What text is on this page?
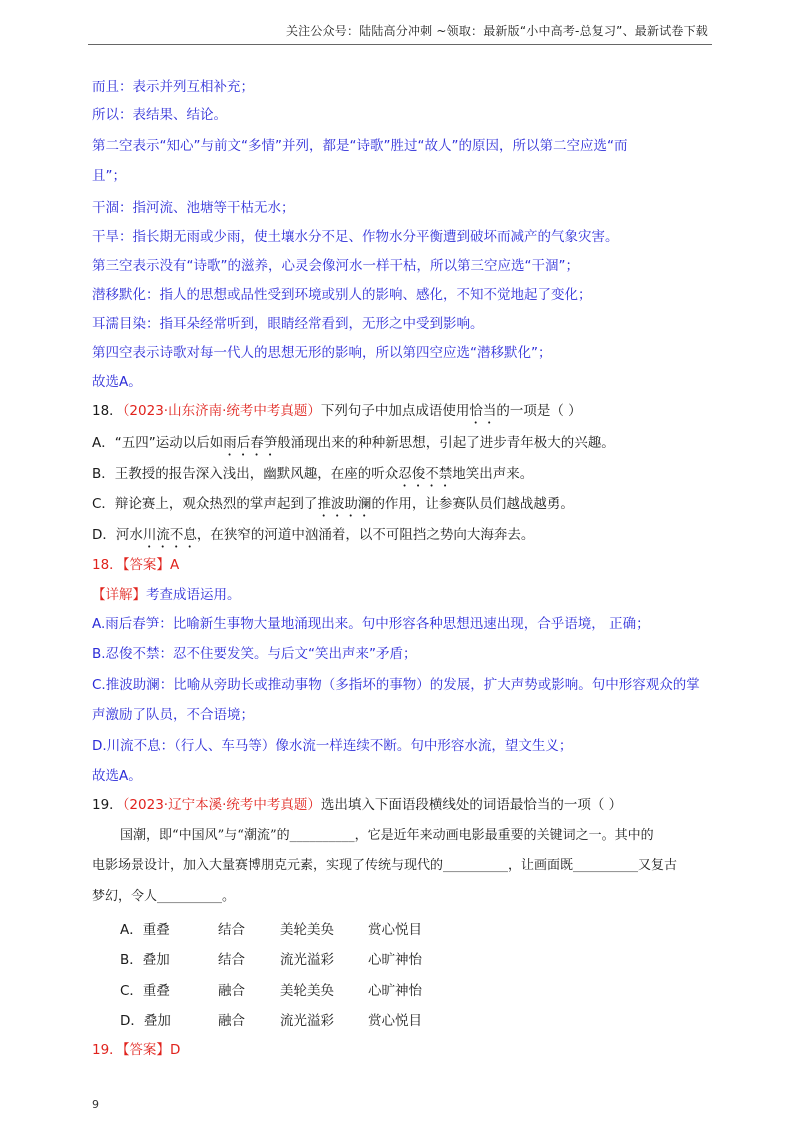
关注公众号：陆陆高分冲刺 ~领取：最新版“小中高考-总复习”、最新试卷下载
而且：表示并列互相补充；
所以：表结果、结论。
第二空表示“知心”与前文“多情”并列，都是“诗歌”胜过“故人”的原因，所以第二空应选“而
且”；
干涸：指河流、池塘等干枯无水；
干旱：指长期无雨或少雨，使土壤水分不足、作物水分平衡遭到破坏而减产的气象灾害。
第三空表示没有“诗歌”的滋养，心灵会像河水一样干枯，所以第三空应选“干涸”；
潜移默化：指人的思想或品性受到环境或别人的影响、感化，不知不觉地起了变化；
耳濡目染：指耳朵经常听到，眼睛经常看到，无形之中受到影响。
第四空表示诗歌对每一代人的思想无形的影响，所以第四空应选“潜移默化”；
故选A。
18．（2023·山东济南·统考中考真题）下列句子中加点成语使用恰当的一项是（ ）
A．“五四”运动以后如雨后春笋般涌现出来的种种新思想，引起了进步青年极大的兴趣。
B．王教授的报告深入浅出，幽默风趣，在座的听众忍俊不禁地笑出声来。
C．辩论赛上，观众热烈的掌声起到了推波助澜的作用，让参赛队员们越战越勇。
D．河水川流不息，在狭窄的河道中汹涌着，以不可阻挡之势向大海奔去。
18．【答案】A
【详解】考查成语运用。
A.雨后春笋：比喻新生事物大量地涌现出来。句中形容各种思想迅速出现，合乎语境， 正确；
B.忍俊不禁：忍不住要发笑。与后文“笑出声来”矛盾；
C.推波助澜：比喻从旁助长或推动事物（多指坏的事物）的发展，扩大声势或影响。句中形容观众的掌
声激励了队员，不合语境；
D.川流不息：（行人、车马等）像水流一样连续不断。句中形容水流，望文生义；
故选A。
19．（2023·辽宁本溪·统考中考真题）选出填入下面语段横线处的词语最恰当的一项（ ）
国潮，即“中国风”与“潮流”的__________，它是近年来动画电影最重要的关键词之一。其中的
电影场景设计，加入大量赛博朋克元素，实现了传统与现代的__________，让画面既__________又复古
梦幻，令人__________。
A．重叠	结合	美轮美奂	赏心悦目
B．叠加	结合	流光溢彩	心旷神怡
C．重叠	融合	美轮美奂	心旷神怡
D．叠加	融合	流光溢彩	赏心悦目
19．【答案】D
9
